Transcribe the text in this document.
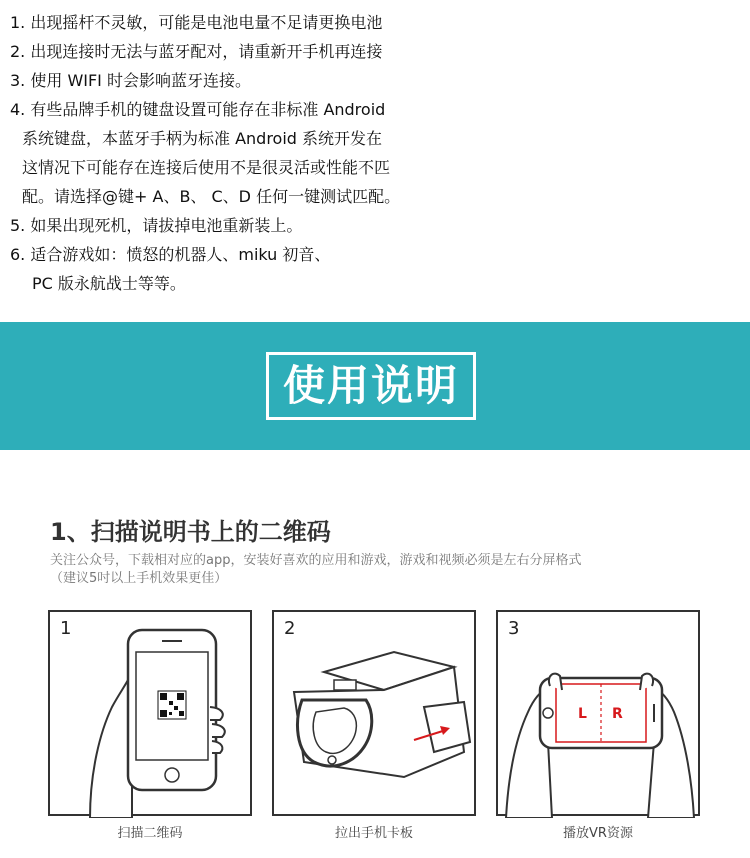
1. 出现摇杆不灵敏，可能是电池电量不足请更换电池
2. 出现连接时无法与蓝牙配对，请重新开手机再连接
3. 使用 WIFI 时会影响蓝牙连接。
4. 有些品牌手机的键盘设置可能存在非标准 Android
系统键盘，本蓝牙手柄为标准 Android 系统开发在
这情况下可能存在连接后使用不是很灵活或性能不匹
配。请选择@键+ A、B、 C、D 任何一键测试匹配。
5. 如果出现死机，请拔掉电池重新装上。
6. 适合游戏如：愤怒的机器人、miku 初音、
PC 版永航战士等等。
使用说明
1、扫描说明书上的二维码
关注公众号，下载相对应的app，安装好喜欢的应用和游戏，游戏和视频必须是左右分屏格式
（建议5吋以上手机效果更佳）
1
扫描二维码
2
拉出手机卡板
L R
3
播放VR资源
